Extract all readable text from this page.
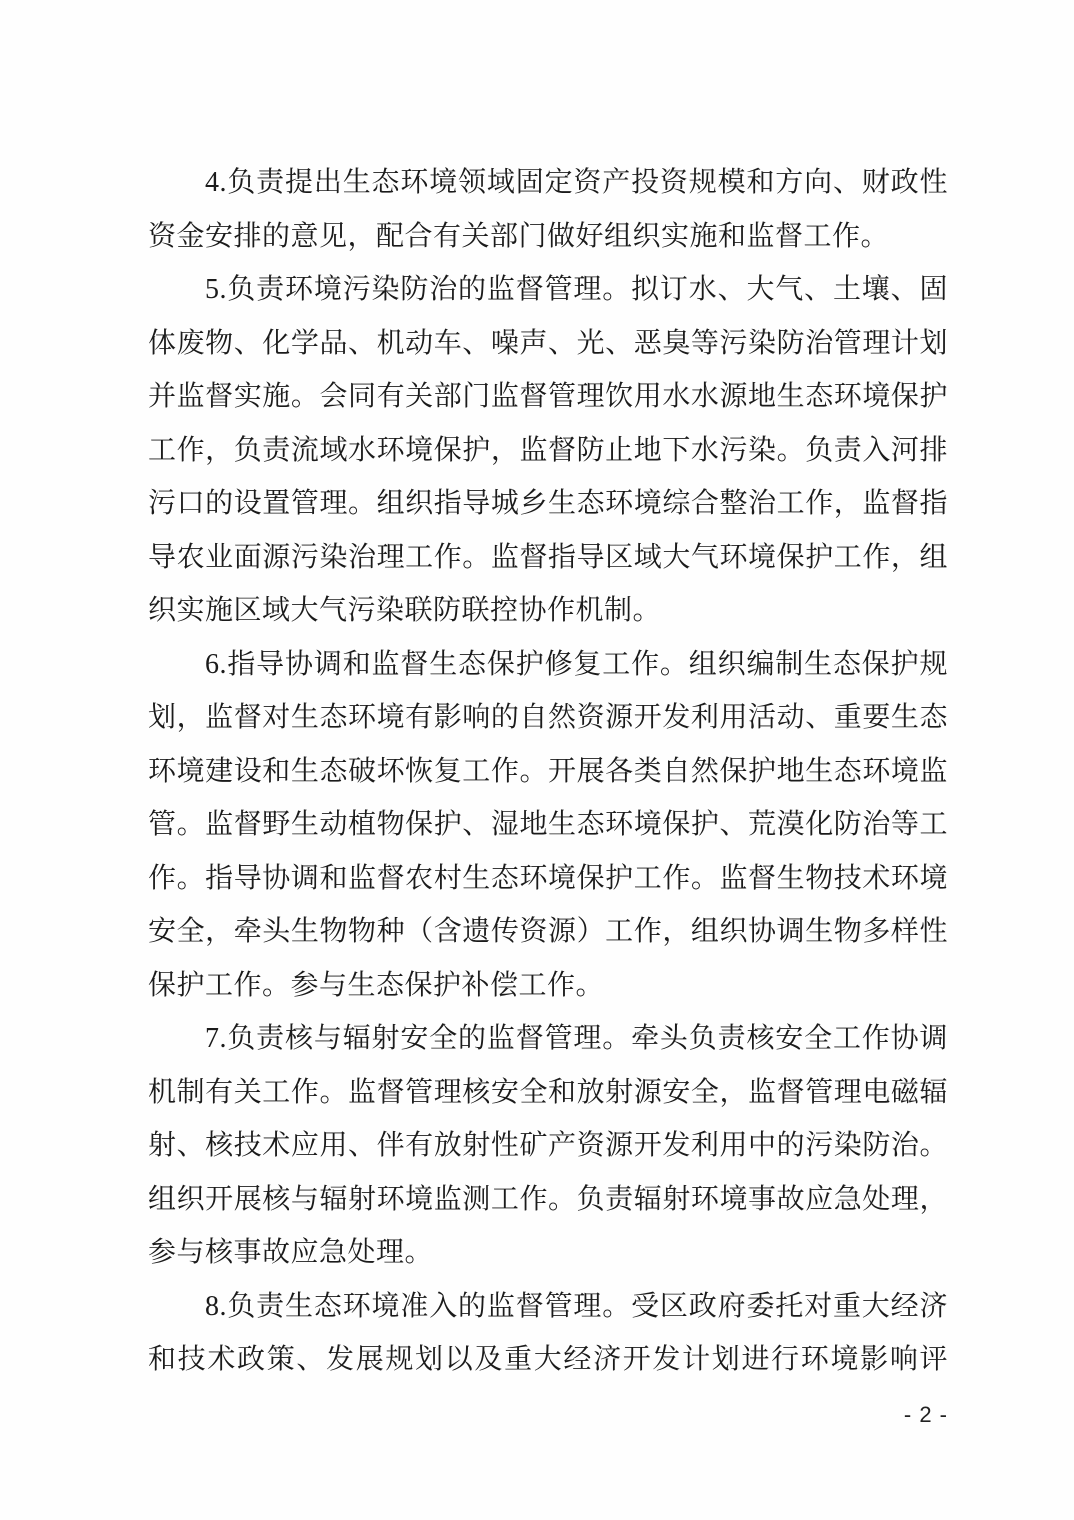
4.负责提出生态环境领域固定资产投资规模和方向、财政性
资金安排的意见，配合有关部门做好组织实施和监督工作。
5.负责环境污染防治的监督管理。拟订水、大气、土壤、固
体废物、化学品、机动车、噪声、光、恶臭等污染防治管理计划
并监督实施。会同有关部门监督管理饮用水水源地生态环境保护
工作，负责流域水环境保护，监督防止地下水污染。负责入河排
污口的设置管理。组织指导城乡生态环境综合整治工作，监督指
导农业面源污染治理工作。监督指导区域大气环境保护工作，组
织实施区域大气污染联防联控协作机制。
6.指导协调和监督生态保护修复工作。组织编制生态保护规
划，监督对生态环境有影响的自然资源开发利用活动、重要生态
环境建设和生态破坏恢复工作。开展各类自然保护地生态环境监
管。监督野生动植物保护、湿地生态环境保护、荒漠化防治等工
作。指导协调和监督农村生态环境保护工作。监督生物技术环境
安全，牵头生物物种（含遗传资源）工作，组织协调生物多样性
保护工作。参与生态保护补偿工作。
7.负责核与辐射安全的监督管理。牵头负责核安全工作协调
机制有关工作。监督管理核安全和放射源安全，监督管理电磁辐
射、核技术应用、伴有放射性矿产资源开发利用中的污染防治。
组织开展核与辐射环境监测工作。负责辐射环境事故应急处理，
参与核事故应急处理。
8.负责生态环境准入的监督管理。受区政府委托对重大经济
和技术政策、发展规划以及重大经济开发计划进行环境影响评
- 2 -
